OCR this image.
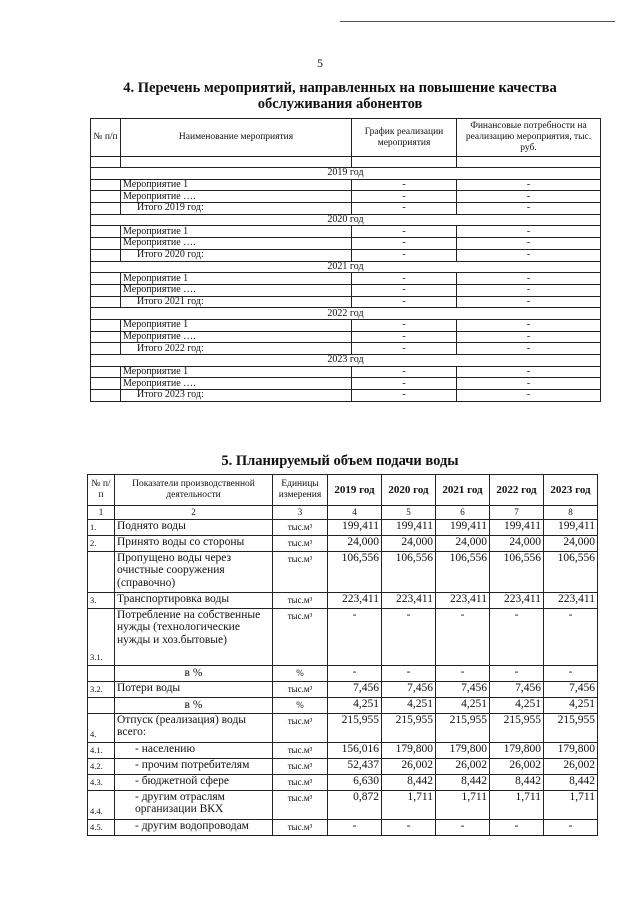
5
4. Перечень мероприятий, направленных на повышение качества обслуживания абонентов
№ п/п	Наименование мероприятия	График реализации мероприятия	Финансовые потребности на реализацию мероприятия, тыс. руб.

2019 год			
	Мероприятие 1	-	-
	Мероприятие ….	-	-
	Итого 2019 год:	-	-
2020 год			
	Мероприятие 1	-	-
	Мероприятие ….	-	-
	Итого 2020 год:	-	-
2021 год			
	Мероприятие 1	-	-
	Мероприятие ….	-	-
	Итого 2021 год:	-	-
2022 год			
	Мероприятие 1	-	-
	Мероприятие ….	-	-
	Итого 2022 год:	-	-
2023 год			
	Мероприятие 1	-	-
	Мероприятие ….	-	-
	Итого 2023 год:	-	-
5. Планируемый объем подачи воды
№ п/п	Показатели производственной деятельности	Единицы измерения	2019 год	2020 год	2021 год	2022 год	2023 год
1	2	3	4	5	6	7	8
1.	Поднято воды	тыс.м³	199,411	199,411	199,411	199,411	199,411
2.	Принято воды со стороны	тыс.м³	24,000	24,000	24,000	24,000	24,000
	Пропущено воды через очистные сооружения (справочно)	тыс.м³	106,556	106,556	106,556	106,556	106,556
3.	Транспортировка воды	тыс.м³	223,411	223,411	223,411	223,411	223,411
3.1.	Потребление на собственные нужды (технологические нужды и хоз.бытовые)	тыс.м³	-	-	-	-	-
	в %	%	-	-	-	-	-
3.2.	Потери воды	тыс.м³	7,456	7,456	7,456	7,456	7,456
	в %	%	4,251	4,251	4,251	4,251	4,251
4.	Отпуск (реализация) воды всего:	тыс.м³	215,955	215,955	215,955	215,955	215,955
4.1.	- населению	тыс.м³	156,016	179,800	179,800	179,800	179,800
4.2.	- прочим потребителям	тыс.м³	52,437	26,002	26,002	26,002	26,002
4.3.	- бюджетной сфере	тыс.м³	6,630	8,442	8,442	8,442	8,442
4.4.	- другим отраслям организации ВКХ	тыс.м³	0,872	1,711	1,711	1,711	1,711
4.5.	- другим водопроводам	тыс.м³	-	-	-	-	-
